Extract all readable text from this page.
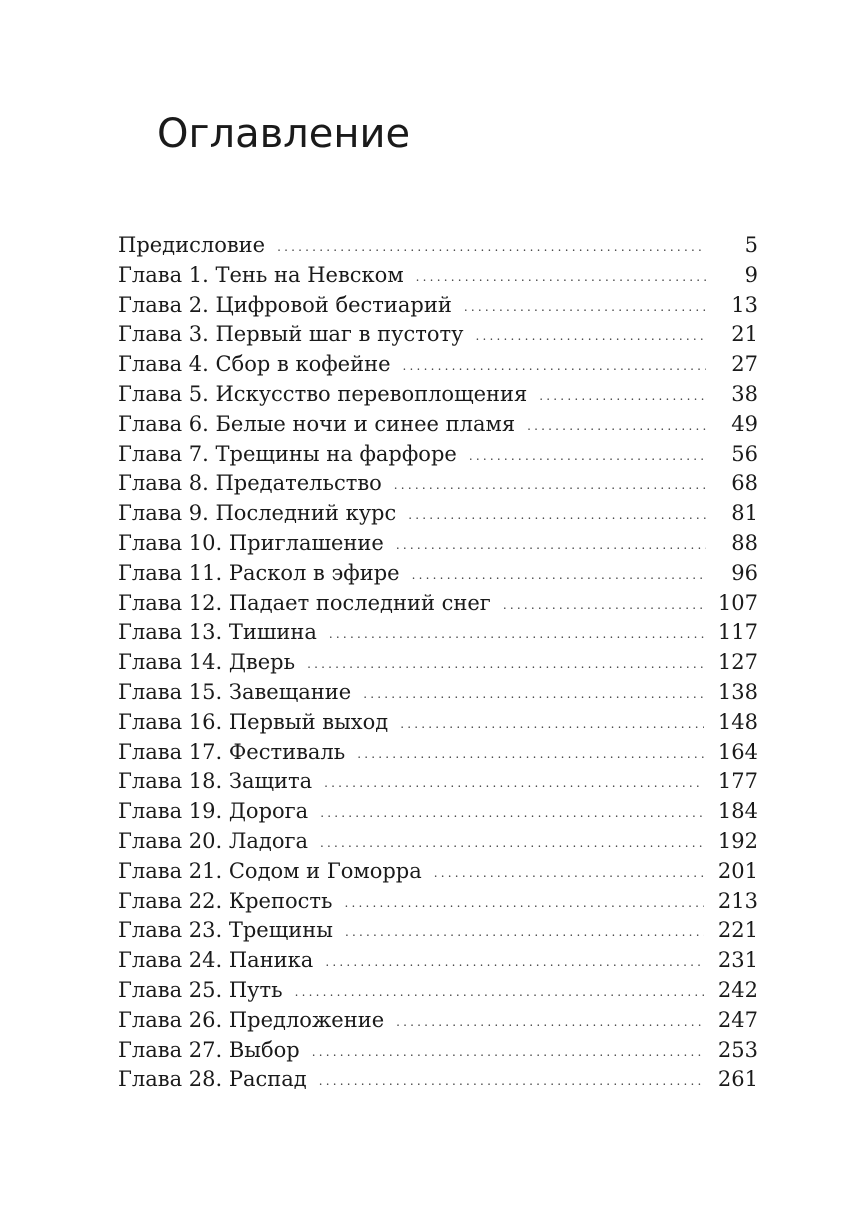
Оглавление
Предисловие .....	5
Глава 1. Тень на Невском .....	9
Глава 2. Цифровой бестиарий .....	13
Глава 3. Первый шаг в пустоту .....	21
Глава 4. Сбор в кофейне .....	27
Глава 5. Искусство перевоплощения .....	38
Глава 6. Белые ночи и синее пламя .....	49
Глава 7. Трещины на фарфоре .....	56
Глава 8. Предательство .....	68
Глава 9. Последний курс .....	81
Глава 10. Приглашение .....	88
Глава 11. Раскол в эфире .....	96
Глава 12. Падает последний снег .....	107
Глава 13. Тишина .....	117
Глава 14. Дверь .....	127
Глава 15. Завещание .....	138
Глава 16. Первый выход .....	148
Глава 17. Фестиваль .....	164
Глава 18. Защита .....	177
Глава 19. Дорога .....	184
Глава 20. Ладога .....	192
Глава 21. Содом и Гоморра .....	201
Глава 22. Крепость .....	213
Глава 23. Трещины .....	221
Глава 24. Паника .....	231
Глава 25. Путь .....	242
Глава 26. Предложение .....	247
Глава 27. Выбор .....	253
Глава 28. Распад .....	261
